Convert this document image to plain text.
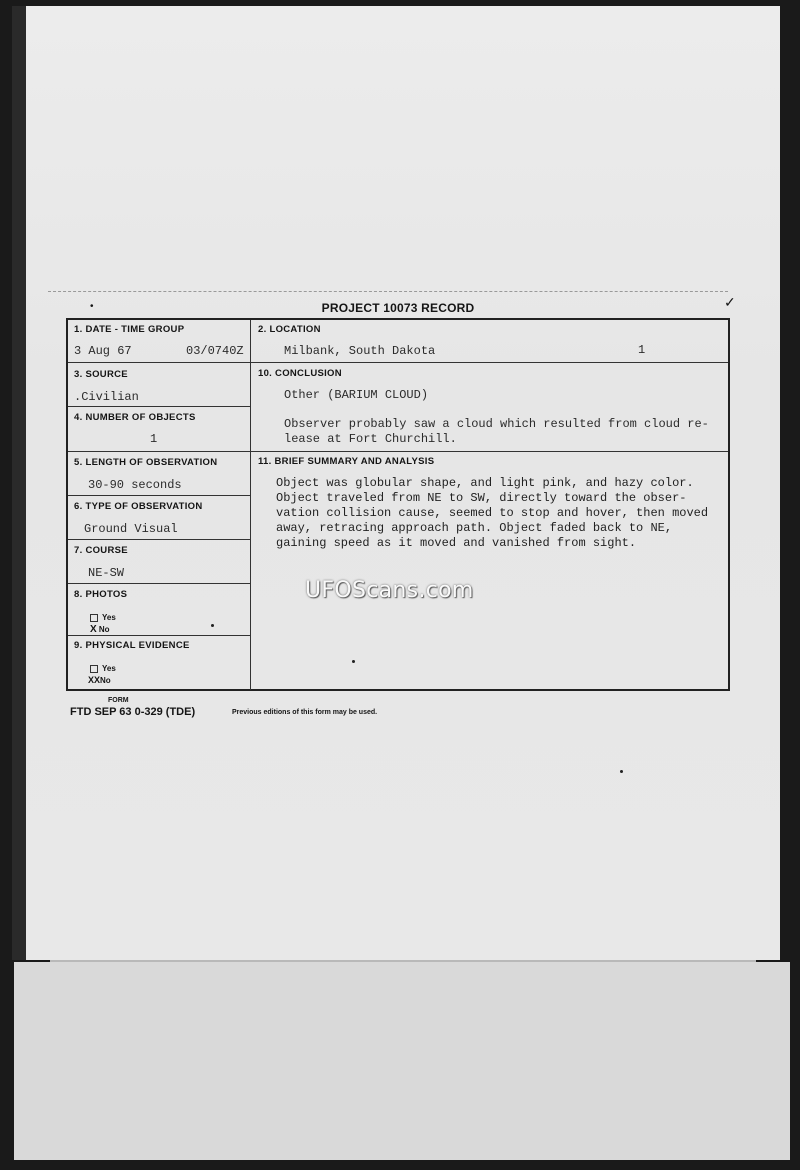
•	PROJECT 10073 RECORD	✓
1. DATE - TIME GROUP
3 Aug 67	03/0740Z
2. LOCATION
Milbank, South Dakota	1
3. SOURCE
.Civilian
4. NUMBER OF OBJECTS
1
5. LENGTH OF OBSERVATION
30-90 seconds
6. TYPE OF OBSERVATION
Ground Visual
7. COURSE
NE-SW
8. PHOTOS
Yes
X No
9. PHYSICAL EVIDENCE
Yes
XXNo
10. CONCLUSION
Other (BARIUM CLOUD)
Observer probably saw a cloud which resulted from cloud re-
lease at Fort Churchill.
11. BRIEF SUMMARY AND ANALYSIS
Object was globular shape, and light pink, and hazy color.
Object traveled from NE to SW, directly toward the obser-
vation collision cause, seemed to stop and hover, then moved
away, retracing approach path. Object faded back to NE,
gaining speed as it moved and vanished from sight.
UFOScans.com
FORM
FTD SEP 63 0-329 (TDE)	Previous editions of this form may be used.
